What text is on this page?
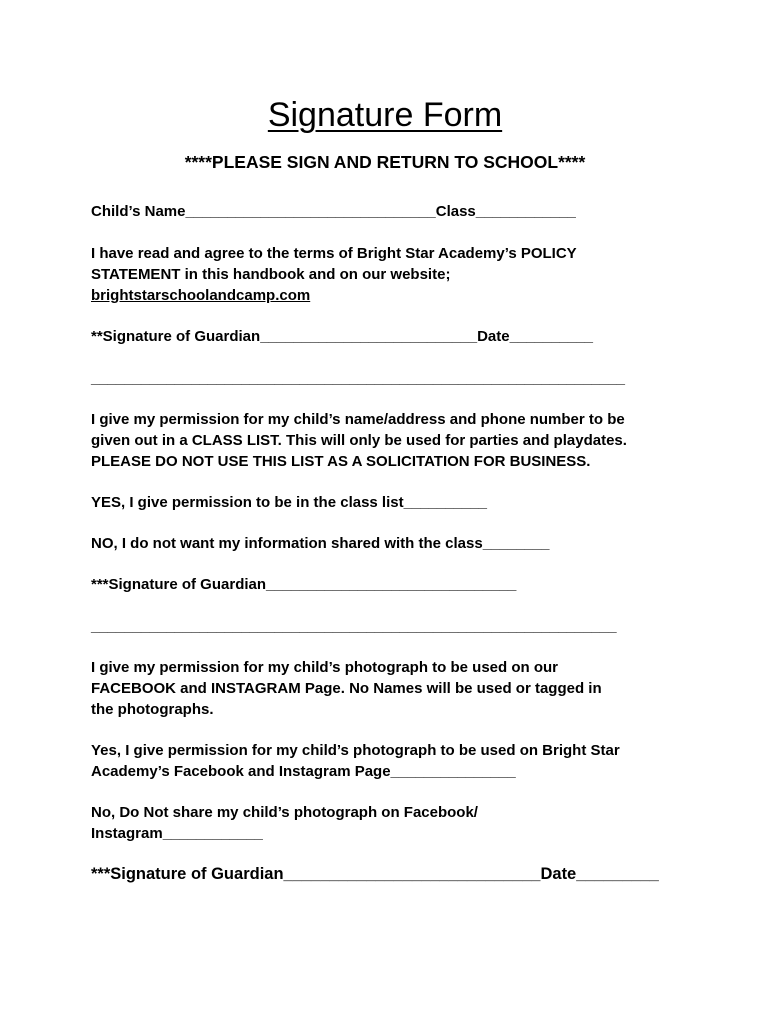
Signature Form
****PLEASE SIGN AND RETURN TO SCHOOL****
Child’s Name______________________________Class____________
I have read and agree to the terms of Bright Star Academy’s POLICY
STATEMENT in this handbook and on our website;
brightstarschoolandcamp.com
**Signature of Guardian__________________________Date__________
________________________________________________________________
I give my permission for my child’s name/address and phone number to be
given out in a CLASS LIST. This will only be used for parties and playdates.
PLEASE DO NOT USE THIS LIST AS A SOLICITATION FOR BUSINESS.
YES, I give permission to be in the class list__________
NO, I do not want my information shared with the class________
***Signature of Guardian______________________________
_______________________________________________________________
I give my permission for my child’s photograph to be used on our
FACEBOOK and INSTAGRAM Page. No Names will be used or tagged in
the photographs.
Yes, I give permission for my child’s photograph to be used on Bright Star
Academy’s Facebook and Instagram Page_______________
No, Do Not share my child’s photograph on Facebook/
Instagram____________
***Signature of Guardian____________________________Date_________
